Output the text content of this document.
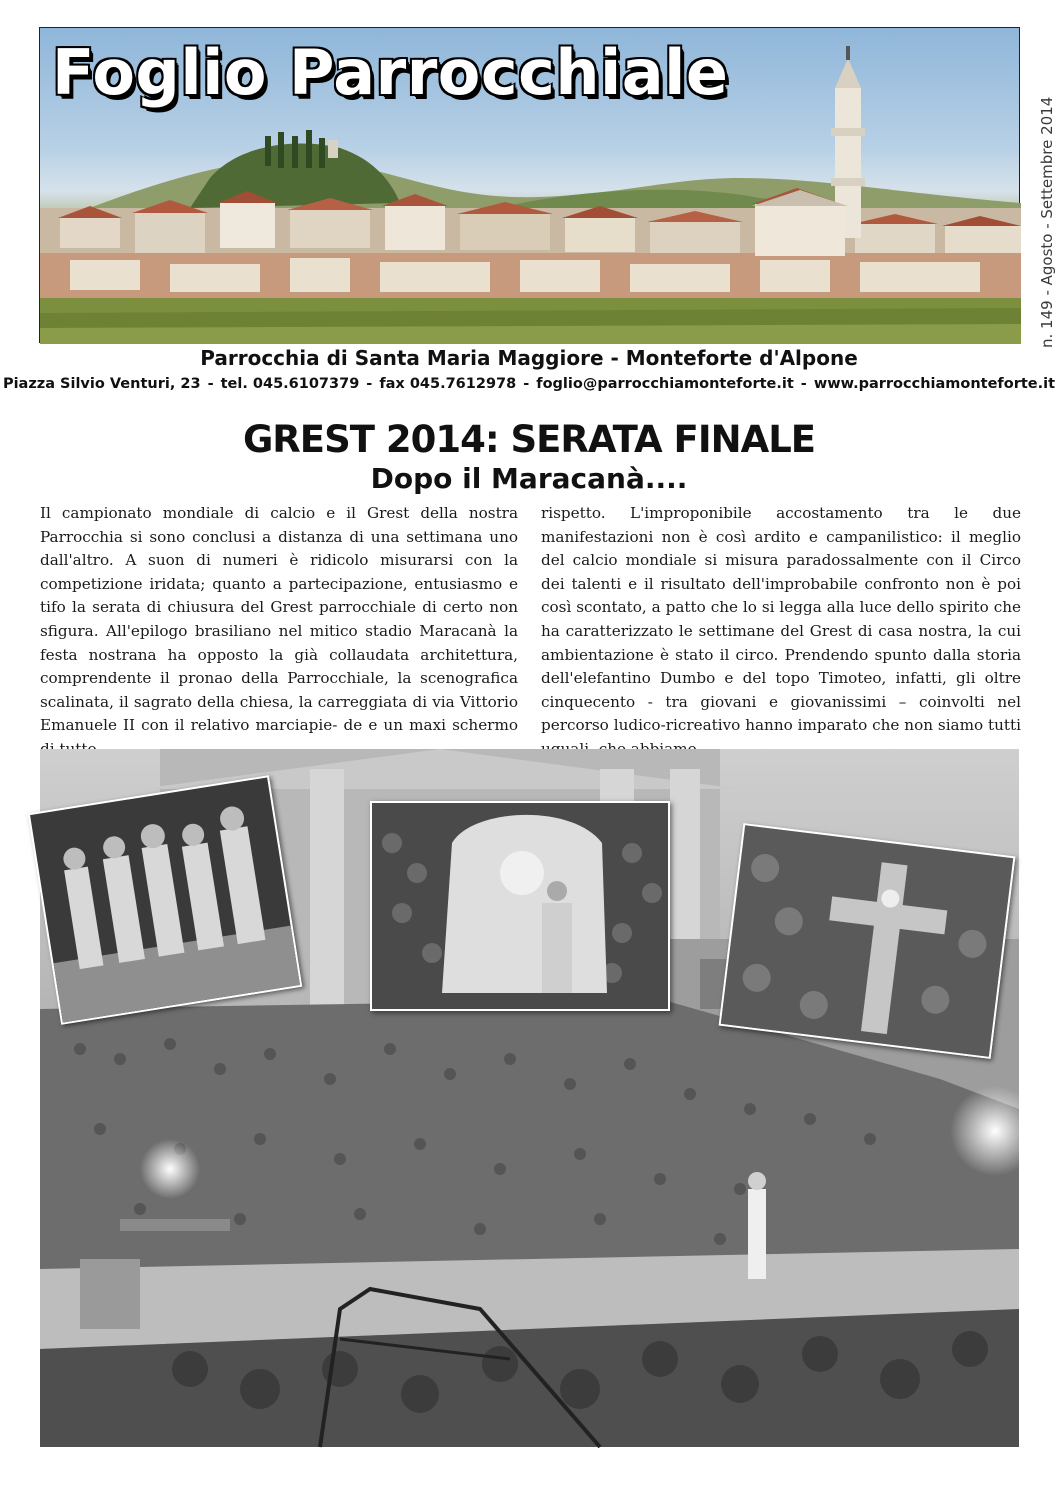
Foglio Parrocchiale
n. 149 - Agosto - Settembre 2014
Parrocchia di Santa Maria Maggiore - Monteforte d'Alpone
Piazza Silvio Venturi, 23 - tel. 045.6107379 - fax 045.7612978 - foglio@parrocchiamonteforte.it - www.parrocchiamonteforte.it
GREST 2014: SERATA FINALE
Dopo il Maracanà....

Il campionato mondiale di calcio e il Grest della nostra Parrocchia si sono conclusi a distanza di una settimana uno dall'altro. A suon di numeri è ridicolo misurarsi con la competizione iridata; quanto a partecipazione, entusiasmo e tifo la serata di chiusura del Grest parrocchiale di certo non sfigura. All'epilogo brasiliano nel mitico stadio Maracanà la festa nostrana ha opposto la già collaudata architettura, comprendente il pronao della Parrocchiale, la scenografica scalinata, il sagrato della chiesa, la carreggiata di via Vittorio Emanuele II con il relativo marciapie- de e un maxi schermo

rispetto. L'improponibile accostamento tra le due manifestazioni non è così ardito e campanilistico: il meglio del calcio mondiale si misura paradossalmente con il Circo dei talenti e il risultato dell'improbabile confronto non è poi così scontato, a patto che lo si legga alla luce dello spirito che ha caratterizzato le settimane del Grest di casa nostra, la cui ambientazione è stato il circo. Prendendo spunto dalla storia dell'elefantino Dumbo e del topo Timoteo, infatti, gli oltre cinquecento - tra giovani e giovanissimi – coinvolti nel percorso ludico-ricreativo hanno imparato che non siamo tutti
